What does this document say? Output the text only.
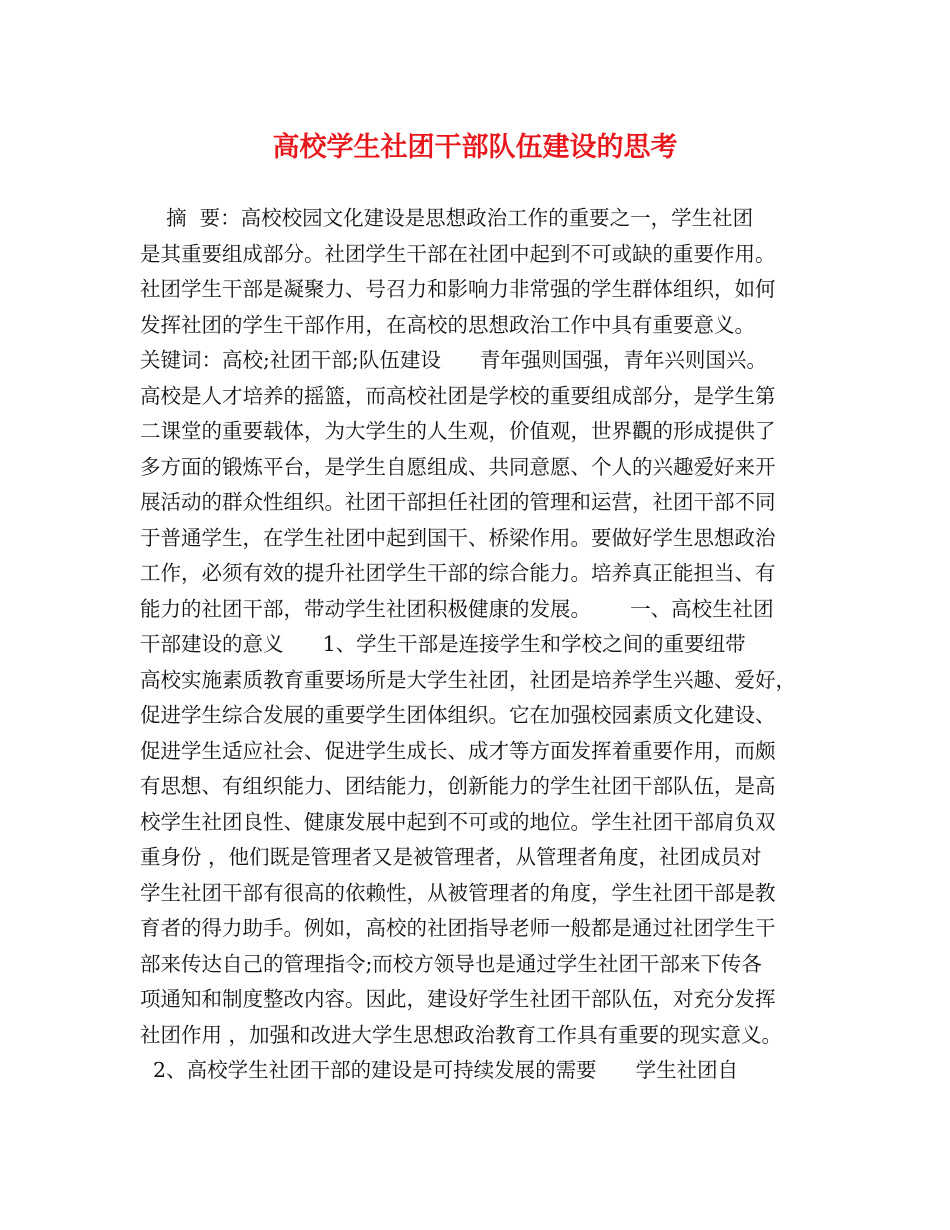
高校学生社团干部队伍建设的思考
摘  要：高校校园文化建设是思想政治工作的重要之一，学生社团
是其重要组成部分。社团学生干部在社团中起到不可或缺的重要作用。
社团学生干部是凝聚力、号召力和影响力非常强的学生群体组织，如何
发挥社团的学生干部作用，在高校的思想政治工作中具有重要意义。
关键词：高校;社团干部;队伍建设      青年强则国强，青年兴则国兴。
高校是人才培养的摇篮，而高校社团是学校的重要组成部分，是学生第
二课堂的重要载体，为大学生的人生观，价值观，世界觀的形成提供了
多方面的锻炼平台，是学生自愿组成、共同意愿、个人的兴趣爱好来开
展活动的群众性组织。社团干部担任社团的管理和运营，社团干部不同
于普通学生，在学生社团中起到国干、桥梁作用。要做好学生思想政治
工作，必须有效的提升社团学生干部的综合能力。培养真正能担当、有
能力的社团干部，带动学生社团积极健康的发展。      一、高校生社团
干部建设的意义      1、学生干部是连接学生和学校之间的重要纽带
高校实施素质教育重要场所是大学生社团，社团是培养学生兴趣、爱好，
促进学生综合发展的重要学生团体组织。它在加强校园素质文化建设、
促进学生适应社会、促进学生成长、成才等方面发挥着重要作用，而颇
有思想、有组织能力、团结能力，创新能力的学生社团干部队伍，是高
校学生社团良性、健康发展中起到不可或的地位。学生社团干部肩负双
重身份 ，他们既是管理者又是被管理者，从管理者角度，社团成员对
学生社团干部有很高的依赖性，从被管理者的角度，学生社团干部是教
育者的得力助手。例如，高校的社团指导老师一般都是通过社团学生干
部来传达自己的管理指令;而校方领导也是通过学生社团干部来下传各
项通知和制度整改内容。因此，建设好学生社团干部队伍，对充分发挥
社团作用 ，加强和改进大学生思想政治教育工作具有重要的现实意义。
2、高校学生社团干部的建设是可持续发展的需要      学生社团自
